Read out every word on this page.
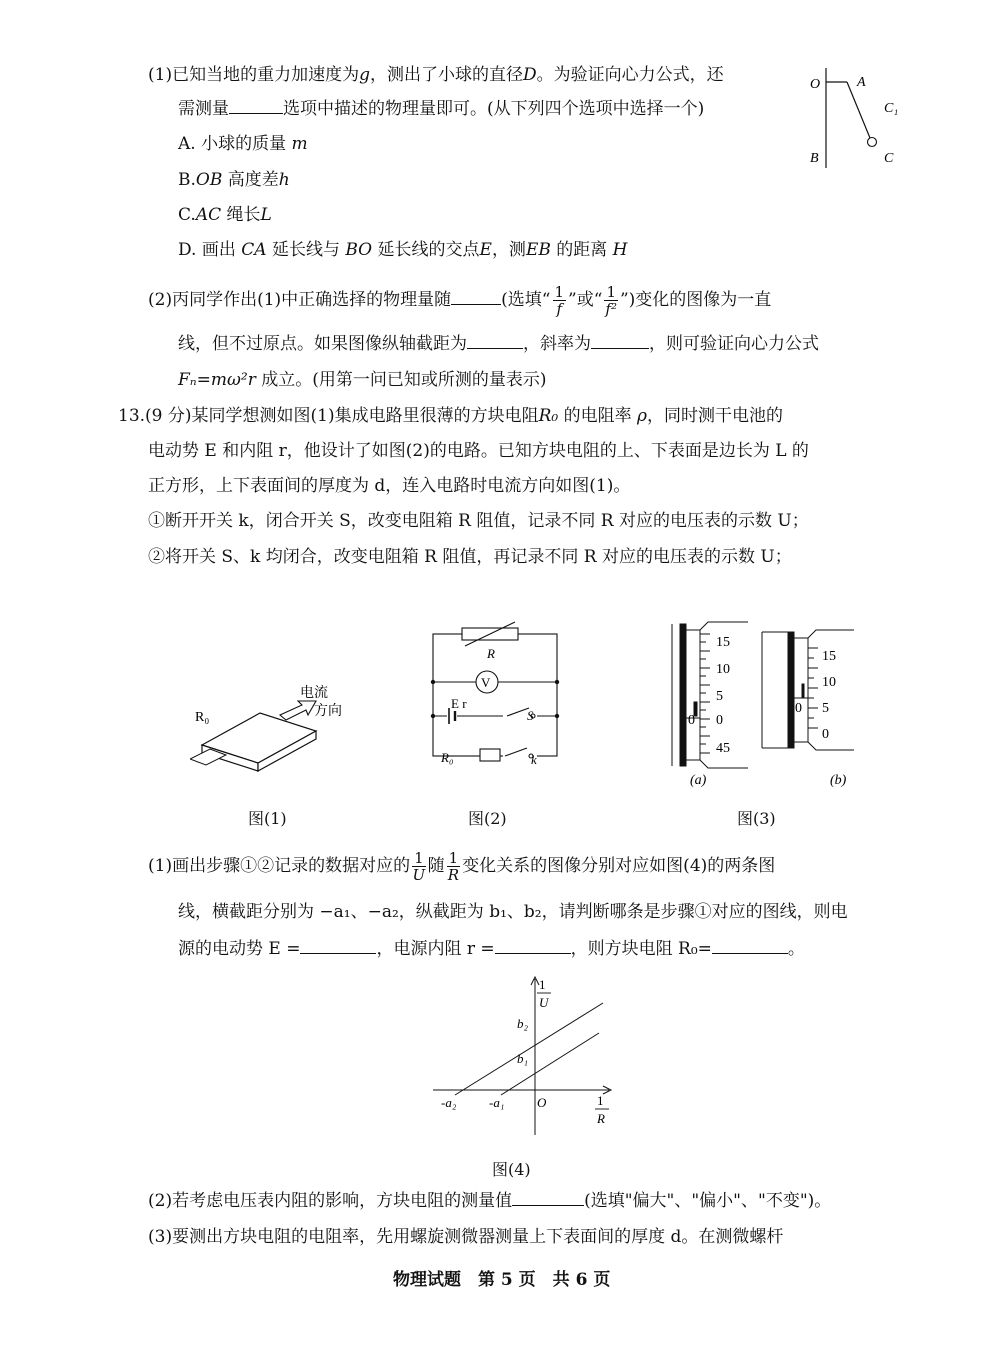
(1)已知当地的重力加速度为g，测出了小球的直径D。为验证向心力公式，还
需测量	选项中描述的物理量即可。(从下列四个选项中选择一个)
A. 小球的质量 m
B.OB 高度差h
C.AC 绳长L
D. 画出 CA 延长线与 BO 延长线的交点E，测EB 的距离 H
O	A
C₁
B	C
(2)丙同学作出(1)中正确选择的物理量随	(选填“ $\frac{1}{f}$ ”或“ $\frac{1}{\text{f²}}$ ”)变化的图像为一直
线，但不过原点。如果图像纵轴截距为	，斜率为	，则可验证向心力公式
Fₙ=mω²r 成立。(用第一问已知或所测的量表示)
13.(9 分)某同学想测如图(1)集成电路里很薄的方块电阻R₀ 的电阻率 ρ，同时测干电池的
电动势 E 和内阻 r，他设计了如图(2)的电路。已知方块电阻的上、下表面是边长为 L 的
正方形，上下表面间的厚度为 d，连入电路时电流方向如图(1)。
①断开开关 k，闭合开关 S，改变电阻箱 R 阻值，记录不同 R 对应的电压表的示数 U；
②将开关 S、k 均闭合，改变电阻箱 R 阻值，再记录不同 R 对应的电压表的示数 U；
R₀
电流
方向
图(1)
R
V
E r
S
R₀	k
图(2)
15
10
5
0
45
0
(a)
15
10
5
0
0
(b)
图(3)
(1)画出步骤①②记录的数据对应的 $\frac{1}{U}$ 随 $\frac{1}{R}$ 变化关系的图像分别对应如图(4)的两条图
线，横截距分别为 −a₁、−a₂，纵截距为 b₁、b₂，请判断哪条是步骤①对应的图线，则电
源的电动势 E =	，电源内阻 r =	，则方块电阻 R₀=	。
1
U
1
R
b₂
b₁
-a₂	-a₁	O
图(4)
(2)若考虑电压表内阻的影响，方块电阻的测量值	(选填"偏大"、"偏小"、"不变")。
(3)要测出方块电阻的电阻率，先用螺旋测微器测量上下表面间的厚度 d。在测微螺杆
物理试题　第 5 页　共 6 页
